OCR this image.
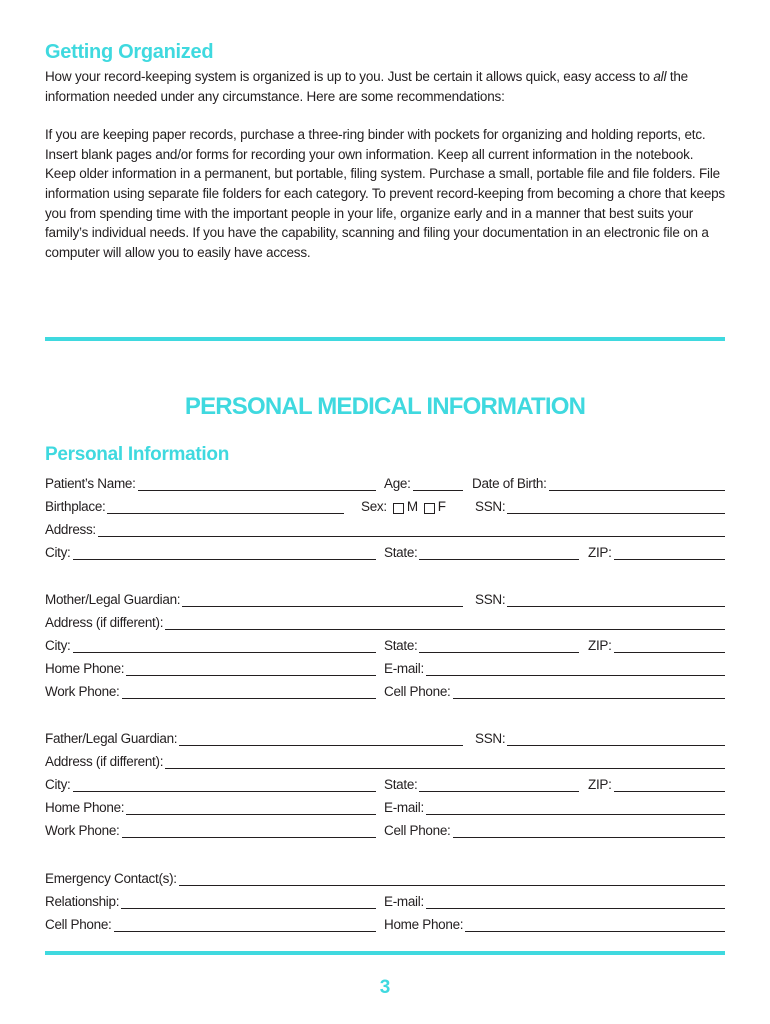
Getting Organized

How your record-keeping system is organized is up to you. Just be certain it allows quick, easy access to all the information needed under any circumstance. Here are some recommendations:

If you are keeping paper records, purchase a three-ring binder with pockets for organizing and holding reports, etc. Insert blank pages and/or forms for recording your own information. Keep all current information in the notebook. Keep older information in a permanent, but portable, filing system. Purchase a small, portable file and file folders. File information using separate file folders for each category. To prevent record-keeping from becoming a chore that keeps you from spending time with the important people in your life, organize early and in a manner that best suits your family’s individual needs. If you have the capability, scanning and filing your documentation in an electronic file on a computer will allow you to easily have access.

PERSONAL MEDICAL INFORMATION
Personal Information
Patient’s Name:	Age:	Date of Birth:
Birthplace:	Sex: M F SSN:
Address:
City:	State:	ZIP:
Mother/Legal Guardian:	SSN:
Address (if different):
City:	State:	ZIP:
Home Phone:	E-mail:
Work Phone:	Cell Phone:
Father/Legal Guardian:	SSN:
Address (if different):
City:	State:	ZIP:
Home Phone:	E-mail:
Work Phone:	Cell Phone:
Emergency Contact(s):
Relationship:	E-mail:
Cell Phone:	Home Phone:
3
